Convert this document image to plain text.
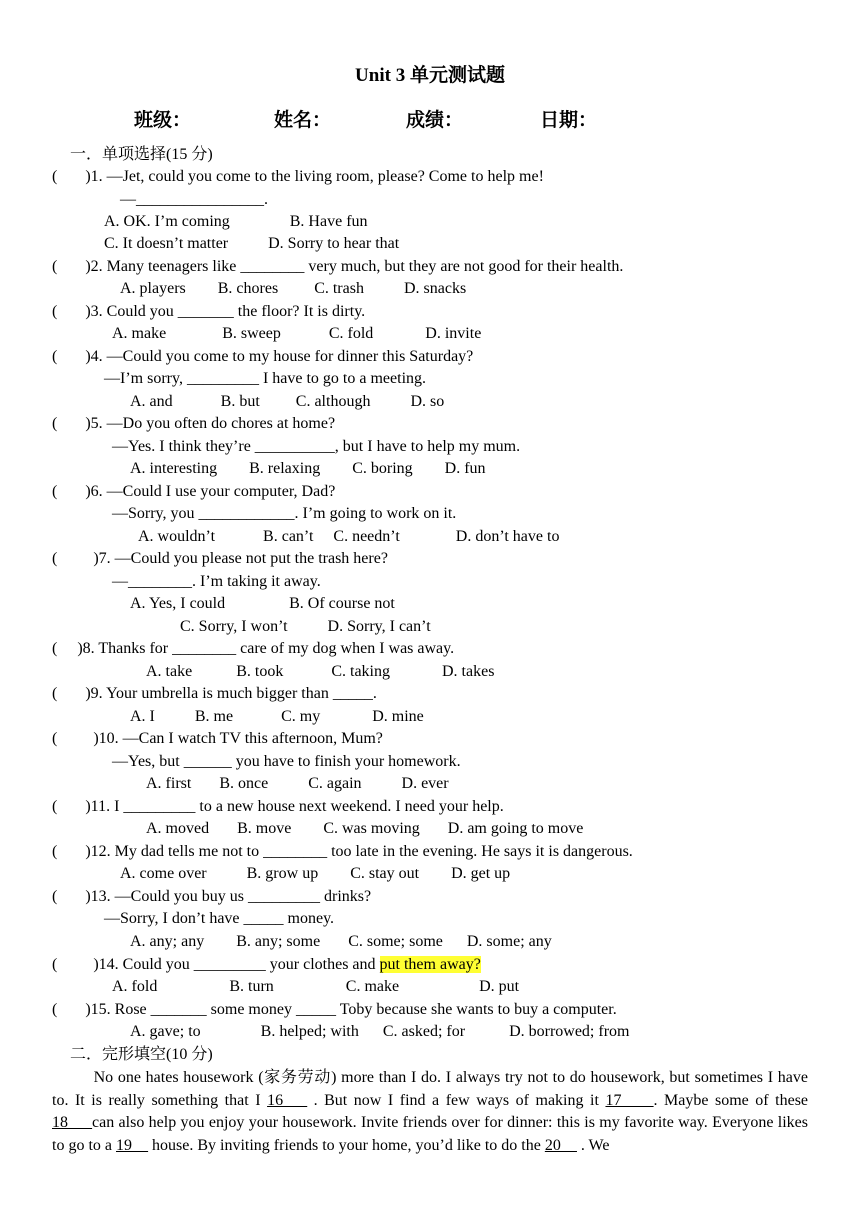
Unit 3 单元测试题
班级：	姓名：	成绩：	日期：
一．单项选择(15 分)
(       )1. —Jet, could you come to the living room, please? Come to help me!
—________________.
A. OK. I’m coming               B. Have fun
C. It doesn’t matter          D. Sorry to hear that
(       )2. Many teenagers like ________ very much, but they are not good for their health.
A. players        B. chores         C. trash          D. snacks
(       )3. Could you _______ the floor? It is dirty.
A. make              B. sweep            C. fold             D. invite
(       )4. —Could you come to my house for dinner this Saturday?
—I’m sorry, _________ I have to go to a meeting.
A. and            B. but         C. although          D. so
(       )5. —Do you often do chores at home?
—Yes. I think they’re __________, but I have to help my mum.
A. interesting        B. relaxing        C. boring        D. fun
(       )6. —Could I use your computer, Dad?
—Sorry, you ____________. I’m going to work on it.
A. wouldn’t            B. can’t     C. needn’t              D. don’t have to
(         )7. —Could you please not put the trash here?
—________. I’m taking it away.
A. Yes, I could                B. Of course not
C. Sorry, I won’t          D. Sorry, I can’t
(     )8. Thanks for ________ care of my dog when I was away.
A. take           B. took            C. taking             D. takes
(       )9. Your umbrella is much bigger than _____.
A. I          B. me            C. my             D. mine
(         )10. —Can I watch TV this afternoon, Mum?
—Yes, but ______ you have to finish your homework.
A. first       B. once          C. again          D. ever
(       )11. I _________ to a new house next weekend. I need your help.
A. moved       B. move        C. was moving       D. am going to move
(       )12. My dad tells me not to ________ too late in the evening. He says it is dangerous.
A. come over          B. grow up        C. stay out        D. get up
(       )13. —Could you buy us _________ drinks?
—Sorry, I don’t have _____ money.
A. any; any        B. any; some       C. some; some      D. some; any
(         )14. Could you _________ your clothes and put them away?
A. fold                  B. turn                  C. make                    D. put
(       )15. Rose _______ some money _____ Toby because she wants to buy a computer.
A. gave; to               B. helped; with      C. asked; for           D. borrowed; from
二．完形填空(10 分)
No one hates housework (家务劳动) more than I do. I always try not to do housework, but sometimes I have to. It is really something that I 16___ . But now I find a few ways of making it 17____. Maybe some of these 18___can also help you enjoy your housework. Invite friends over for dinner: this is my favorite way. Everyone likes to go to a 19__ house. By inviting friends to your home, you’d like to do the 20__ . We
